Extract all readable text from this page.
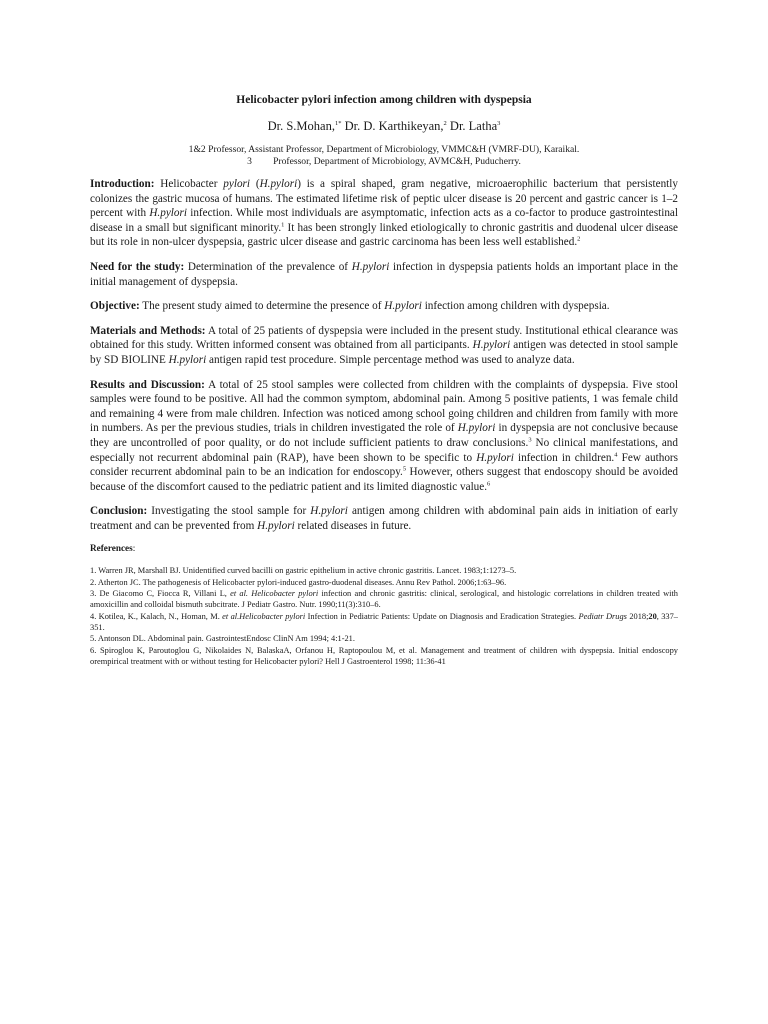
Helicobacter pylori infection among children with dyspepsia
Dr. S.Mohan,$^{1*}$ Dr. D. Karthikeyan,$^2$ Dr. Latha$^3$
1&2 Professor, Assistant Professor, Department of Microbiology, VMMC&H (VMRF-DU), Karaikal.
3 Professor, Department of Microbiology, AVMC&H, Puducherry.

Introduction: Helicobacter pylori (H.pylori) is a spiral shaped, gram negative, microaerophilic bacterium that persistently colonizes the gastric mucosa of humans. The estimated lifetime risk of peptic ulcer disease is 20 percent and gastric cancer is 1–2 percent with H.pylori infection. While most individuals are asymptomatic, infection acts as a co-factor to produce gastrointestinal disease in a small but significant minority.$^1$ It has been strongly linked etiologically to chronic gastritis and duodenal ulcer disease but its role in non-ulcer dyspepsia, gastric ulcer disease and gastric carcinoma has been less well established.$^2$

Need for the study: Determination of the prevalence of H.pylori infection in dyspepsia patients holds an important place in the initial management of dyspepsia.

Objective: The present study aimed to determine the presence of H.pylori infection among children with dyspepsia.

Materials and Methods: A total of 25 patients of dyspepsia were included in the present study. Institutional ethical clearance was obtained for this study. Written informed consent was obtained from all participants. H.pylori antigen was detected in stool sample by SD BIOLINE H.pylori antigen rapid test procedure. Simple percentage method was used to analyze data.

Results and Discussion: A total of 25 stool samples were collected from children with the complaints of dyspepsia. Five stool samples were found to be positive. All had the common symptom, abdominal pain. Among 5 positive patients, 1 was female child and remaining 4 were from male children. Infection was noticed among school going children and children from family with more in numbers. As per the previous studies, trials in children investigated the role of H.pylori in dyspepsia are not conclusive because they are uncontrolled of poor quality, or do not include sufficient patients to draw conclusions.$^3$ No clinical manifestations, and especially not recurrent abdominal pain (RAP), have been shown to be specific to H.pylori infection in children.$^4$ Few authors consider recurrent abdominal pain to be an indication for endoscopy.$^5$ However, others suggest that endoscopy should be avoided because of the discomfort caused to the pediatric patient and its limited diagnostic value.$^6$

Conclusion: Investigating the stool sample for H.pylori antigen among children with abdominal pain aids in initiation of early treatment and can be prevented from H.pylori related diseases in future.

References:

1. Warren JR, Marshall BJ. Unidentified curved bacilli on gastric epithelium in active chronic gastritis. Lancet. 1983;1:1273–5.

2. Atherton JC. The pathogenesis of Helicobacter pylori-induced gastro-duodenal diseases. Annu Rev Pathol. 2006;1:63–96.

3. De Giacomo C, Fiocca R, Villani L, et al. Helicobacter pylori infection and chronic gastritis: clinical, serological, and histologic correlations in children treated with amoxicillin and colloidal bismuth subcitrate. J Pediatr Gastro. Nutr. 1990;11(3):310–6.

4. Kotilea, K., Kalach, N., Homan, M. et al.Helicobacter pylori Infection in Pediatric Patients: Update on Diagnosis and Eradication Strategies. Pediatr Drugs 2018;20, 337–351.

5. Antonson DL. Abdominal pain. GastrointestEndosc ClinN Am 1994; 4:1-21.

6. Spiroglou K, Paroutoglou G, Nikolaides N, BalaskaA, Orfanou H, Raptopoulou M, et al. Management and treatment of children with dyspepsia. Initial endoscopy orempirical treatment with or without testing for Helicobacter pylori? Hell J Gastroenterol 1998; 11:36-41
